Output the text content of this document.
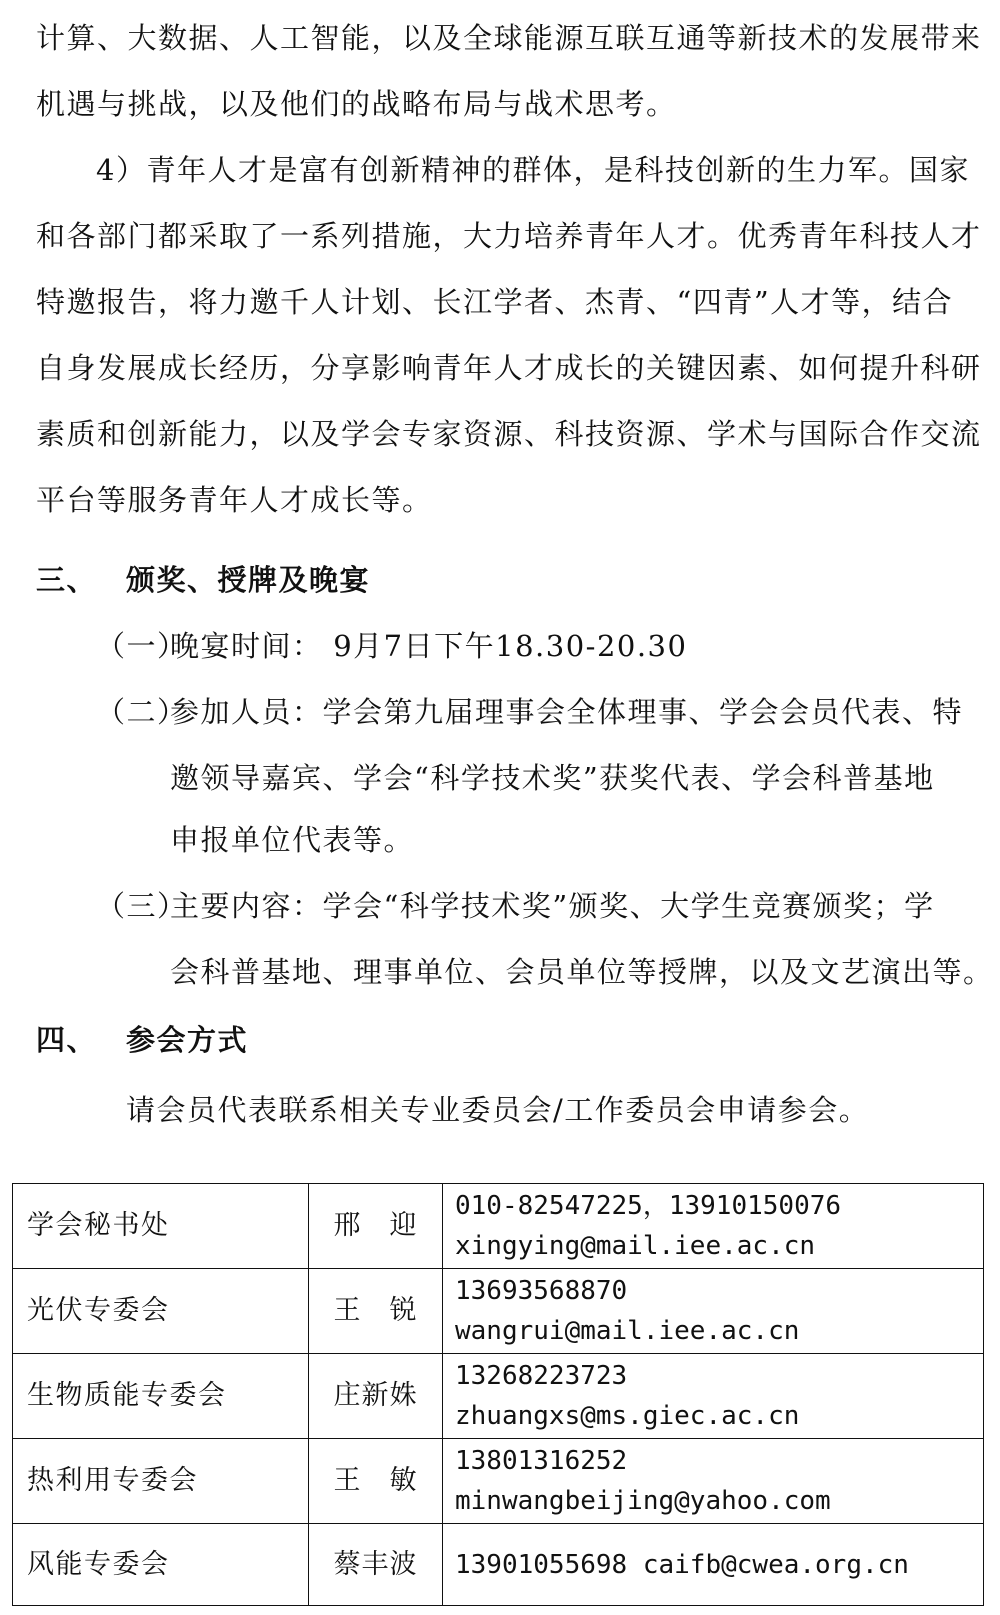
计算、大数据、人工智能，以及全球能源互联互通等新技术的发展带来
机遇与挑战，以及他们的战略布局与战术思考。
4）青年人才是富有创新精神的群体，是科技创新的生力军。国家
和各部门都采取了一系列措施，大力培养青年人才。优秀青年科技人才
特邀报告，将力邀千人计划、长江学者、杰青、“四青”人才等，结合
自身发展成长经历，分享影响青年人才成长的关键因素、如何提升科研
素质和创新能力，以及学会专家资源、科技资源、学术与国际合作交流
平台等服务青年人才成长等。
三、 颁奖、授牌及晚宴
（一）
晚宴时间： 9月7日下午18.30-20.30
（二）
参加人员：学会第九届理事会全体理事、学会会员代表、特
邀领导嘉宾、学会“科学技术奖”获奖代表、学会科普基地
申报单位代表等。
（三）
主要内容：学会“科学技术奖”颁奖、大学生竞赛颁奖；学
会科普基地、理事单位、会员单位等授牌，以及文艺演出等。
四、 参会方式
请会员代表联系相关专业委员会/工作委员会申请参会。
学会秘书处	邢　迎	010-82547225，13910150076
xingying@mail.iee.ac.cn

光伏专委会	王　锐	13693568870
wangrui@mail.iee.ac.cn

生物质能专委会	庄新姝	13268223723
zhuangxs@ms.giec.ac.cn

热利用专委会	王　敏	13801316252
minwangbeijing@yahoo.com

风能专委会	蔡丰波	13901055698 caifb@cwea.org.cn
